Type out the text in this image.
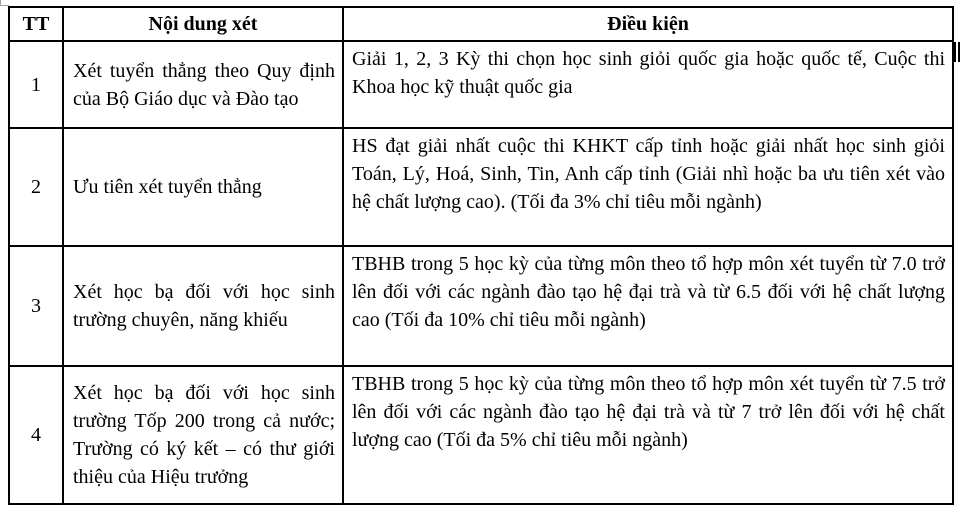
TT	Nội dung xét	Điều kiện
1	Xét tuyển thẳng theo Quy định của Bộ Giáo dục và Đào tạo	Giải 1, 2, 3 Kỳ thi chọn học sinh giỏi quốc gia hoặc quốc tế, Cuộc thi Khoa học kỹ thuật quốc gia
2	Ưu tiên xét tuyển thẳng	HS đạt giải nhất cuộc thi KHKT cấp tỉnh hoặc giải nhất học sinh giỏi Toán, Lý, Hoá, Sinh, Tin, Anh cấp tỉnh (Giải nhì hoặc ba ưu tiên xét vào hệ chất lượng cao). (Tối đa 3% chỉ tiêu mỗi ngành)
3	Xét học bạ đối với học sinh trường chuyên, năng khiếu	TBHB trong 5 học kỳ của từng môn theo tổ hợp môn xét tuyển từ 7.0 trở lên đối với các ngành đào tạo hệ đại trà và từ 6.5 đối với hệ chất lượng cao (Tối đa 10% chỉ tiêu mỗi ngành)
4	Xét học bạ đối với học sinh trường Tốp 200 trong cả nước; Trường có ký kết – có thư giới thiệu của Hiệu trưởng	TBHB trong 5 học kỳ của từng môn theo tổ hợp môn xét tuyển từ 7.5 trở lên đối với các ngành đào tạo hệ đại trà và từ 7 trở lên đối với hệ chất lượng cao (Tối đa 5% chỉ tiêu mỗi ngành)
